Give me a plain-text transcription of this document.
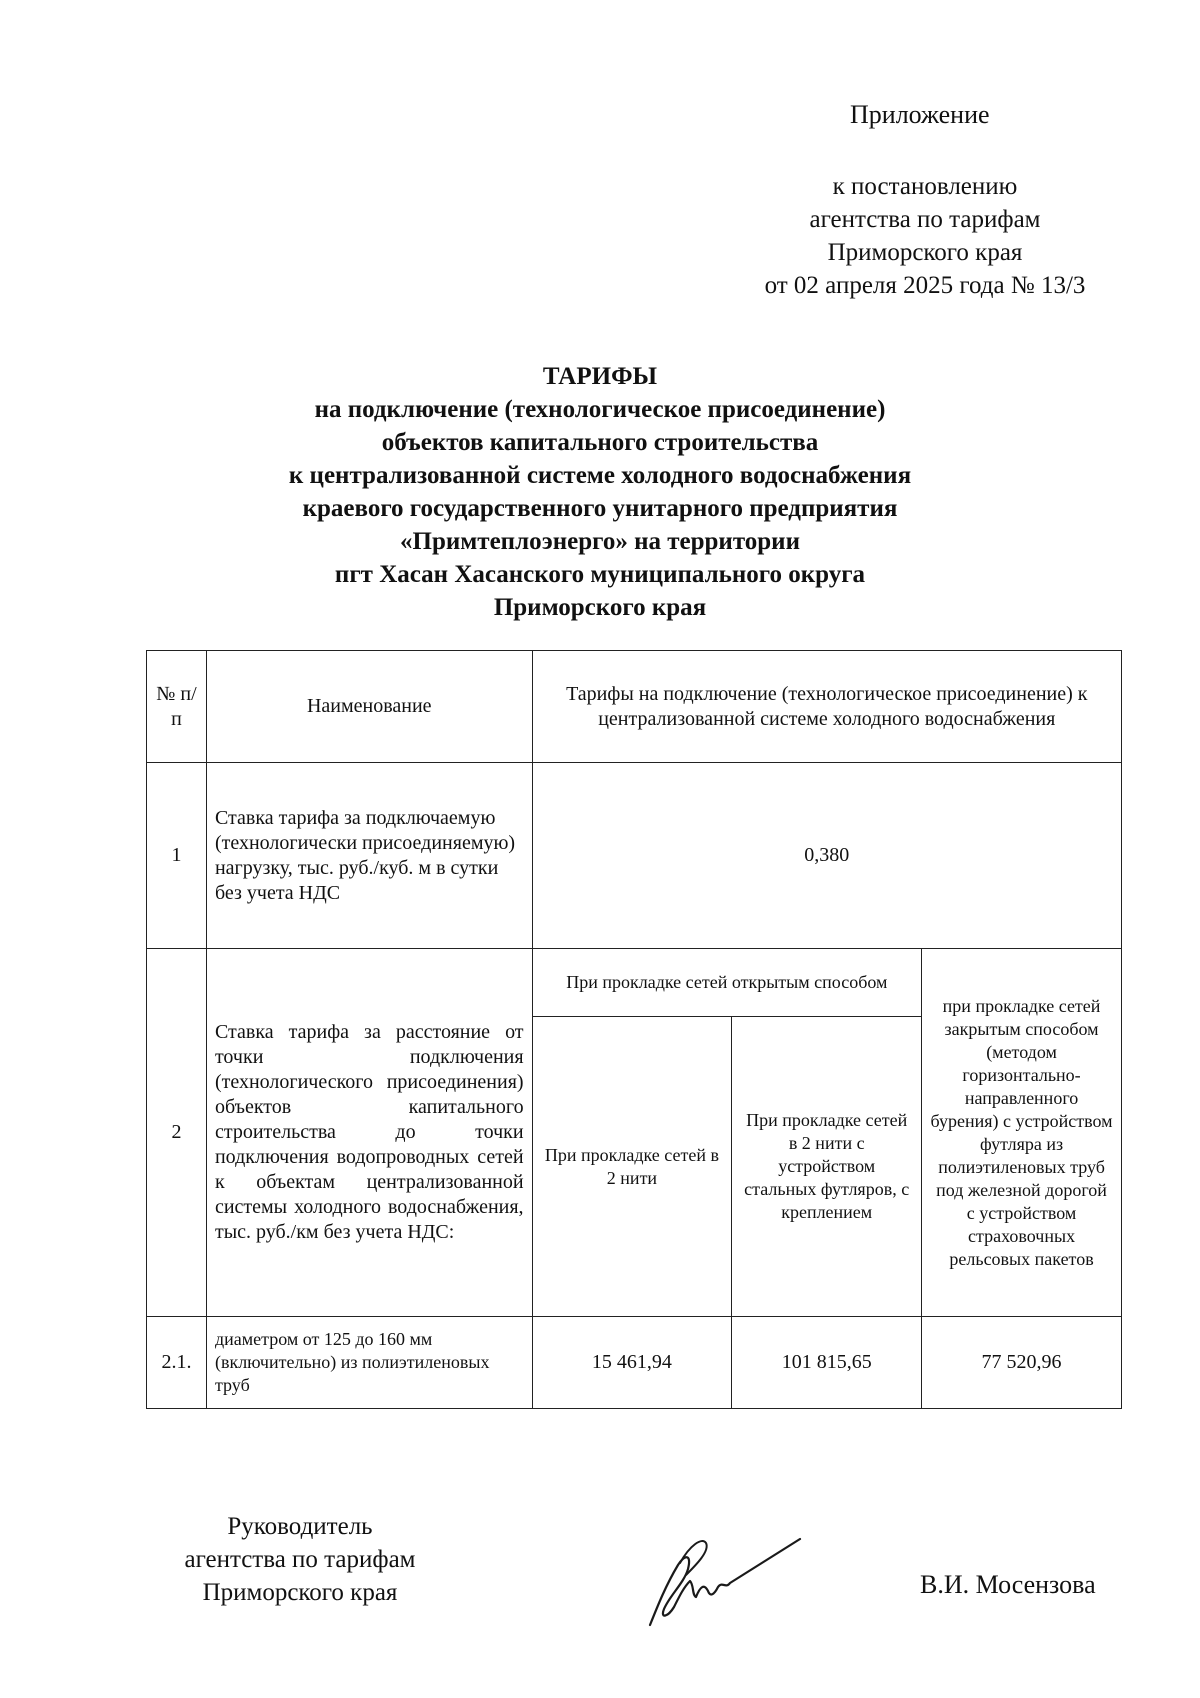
Приложение
к постановлению
агентства по тарифам
Приморского края
от 02 апреля 2025 года № 13/3
ТАРИФЫ
на подключение (технологическое присоединение)
объектов капитального строительства
к централизованной системе холодного водоснабжения
краевого государственного унитарного предприятия
«Примтеплоэнерго» на территории
пгт Хасан Хасанского муниципального округа
Приморского края
№ п/п	Наименование	Тарифы на подключение (технологическое присоединение) к централизованной системе холодного водоснабжения		
1	Ставка тарифа за подключаемую (технологически присоединяемую) нагрузку, тыс. руб./куб. м в сутки без учета НДС	0,380		
2	Ставка тарифа за расстояние от точки подключения (технологического присоединения) объектов капитального строительства до точки подключения водопроводных сетей к объектам централизованной системы холодного водоснабжения, тыс. руб./км без учета НДС:	При прокладке сетей открытым способом		при прокладке сетей закрытым способом (методом горизонтально-направленного бурения) с устройством футляра из полиэтиленовых труб под железной дорогой с устройством страховочных рельсовых пакетов
		При прокладке сетей в 2 нити	При прокладке сетей в 2 нити с устройством стальных футляров, с креплением	
2.1.	диаметром от 125 до 160 мм (включительно) из полиэтиленовых труб	15 461,94	101 815,65	77 520,96
Руководитель
агентства по тарифам
Приморского края	В.И. Мосензова
